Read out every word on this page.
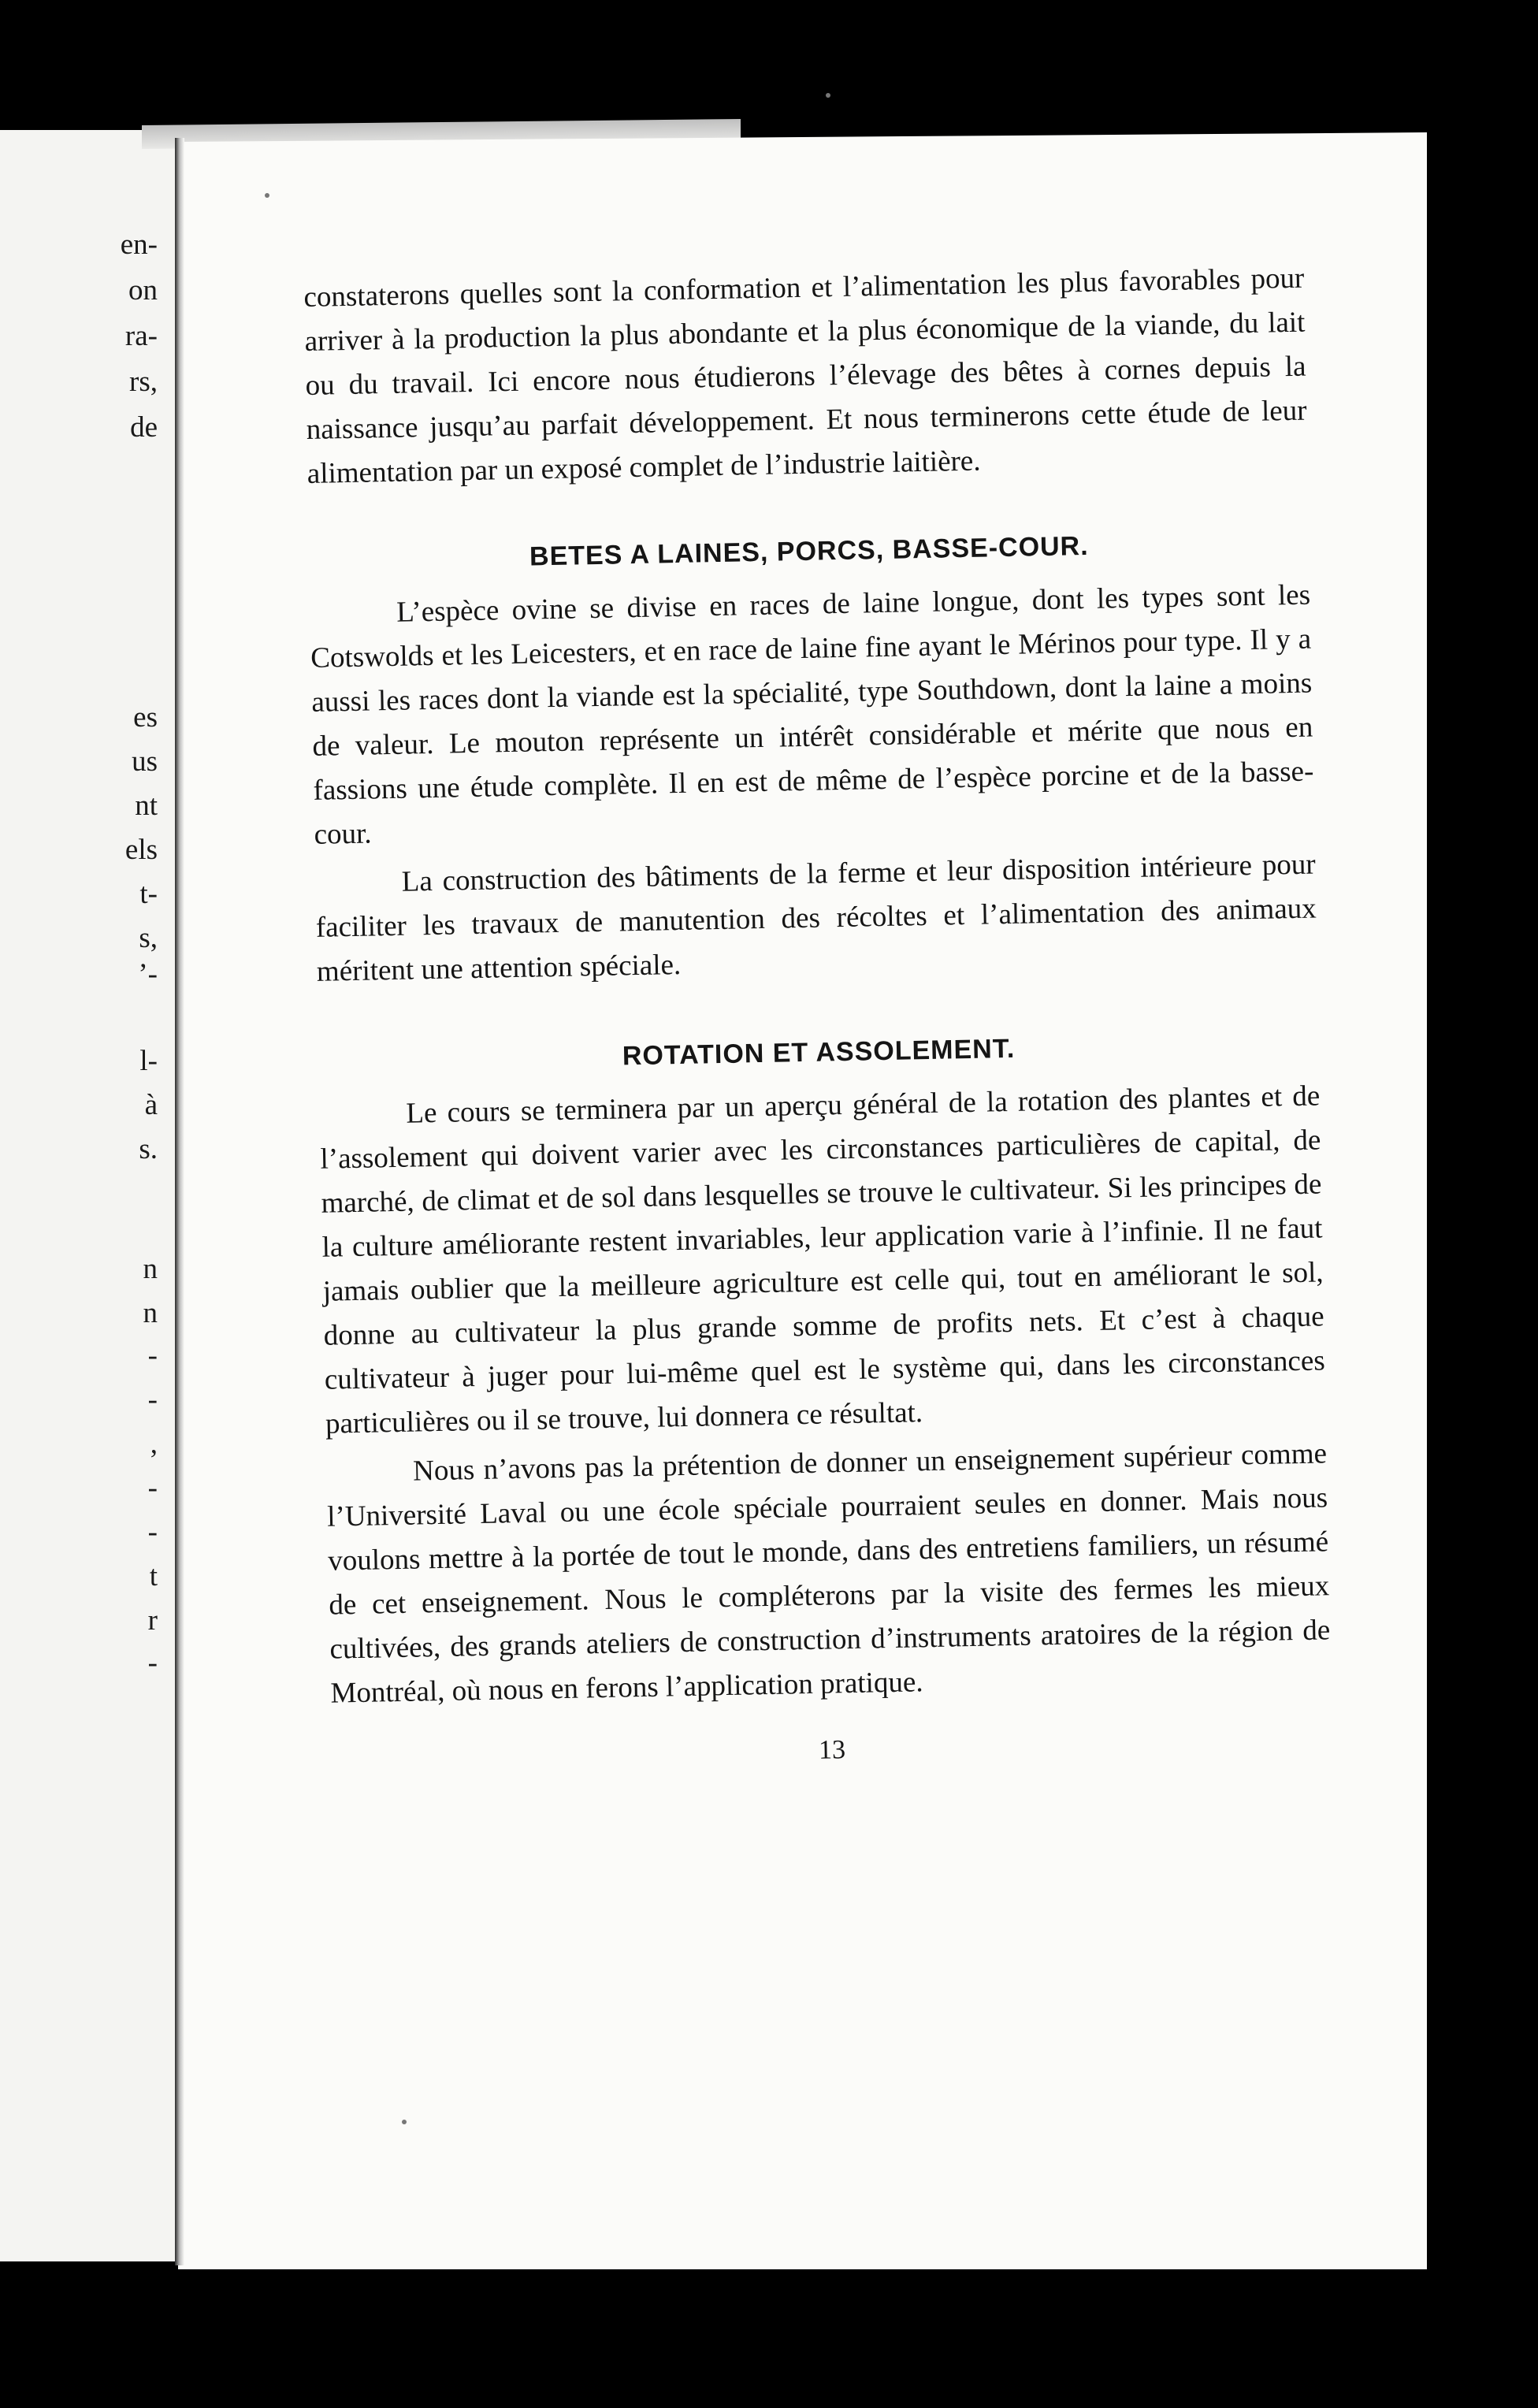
en-
on
ra-
rs,
de
es
us
nt
els
t-
s,
’-
l-
à
s.
n
n
-
-
,
-
-
t
r
-

constaterons quelles sont la conformation et l’alimentation les plus favorables pour arriver à la production la plus abondante et la plus économique de la viande, du lait ou du travail. Ici encore nous étudierons l’élevage des bêtes à cornes depuis la naissance jusqu’au parfait développement. Et nous terminerons cette étude de leur alimentation par un exposé complet de l’industrie laitière.

BETES A LAINES, PORCS, BASSE-COUR.

L’espèce ovine se divise en races de laine longue, dont les types sont les Cotswolds et les Leicesters, et en race de laine fine ayant le Mérinos pour type. Il y a aussi les races dont la viande est la spécialité, type Southdown, dont la laine a moins de valeur. Le mouton représente un intérêt considérable et mérite que nous en fassions une étude complète. Il en est de même de l’espèce porcine et de la basse-cour.

La construction des bâtiments de la ferme et leur disposition intérieure pour faciliter les travaux de manutention des récoltes et l’alimentation des animaux méritent une attention spéciale.

ROTATION ET ASSOLEMENT.

Le cours se terminera par un aperçu général de la rotation des plantes et de l’assolement qui doivent varier avec les circonstances particulières de capital, de marché, de climat et de sol dans lesquelles se trouve le cultivateur. Si les principes de la culture améliorante restent invariables, leur application varie à l’infinie. Il ne faut jamais oublier que la meilleure agriculture est celle qui, tout en améliorant le sol, donne au cultivateur la plus grande somme de profits nets. Et c’est à chaque cultivateur à juger pour lui-même quel est le système qui, dans les circonstances particulières ou il se trouve, lui donnera ce résultat.

Nous n’avons pas la prétention de donner un enseignement supérieur comme l’Université Laval ou une école spéciale pourraient seules en donner. Mais nous voulons mettre à la portée de tout le monde, dans des entretiens familiers, un résumé de cet enseignement. Nous le compléterons par la visite des fermes les mieux cultivées, des grands ateliers de construction d’instruments aratoires de la région de Montréal, où nous en ferons l’application pratique.

13
